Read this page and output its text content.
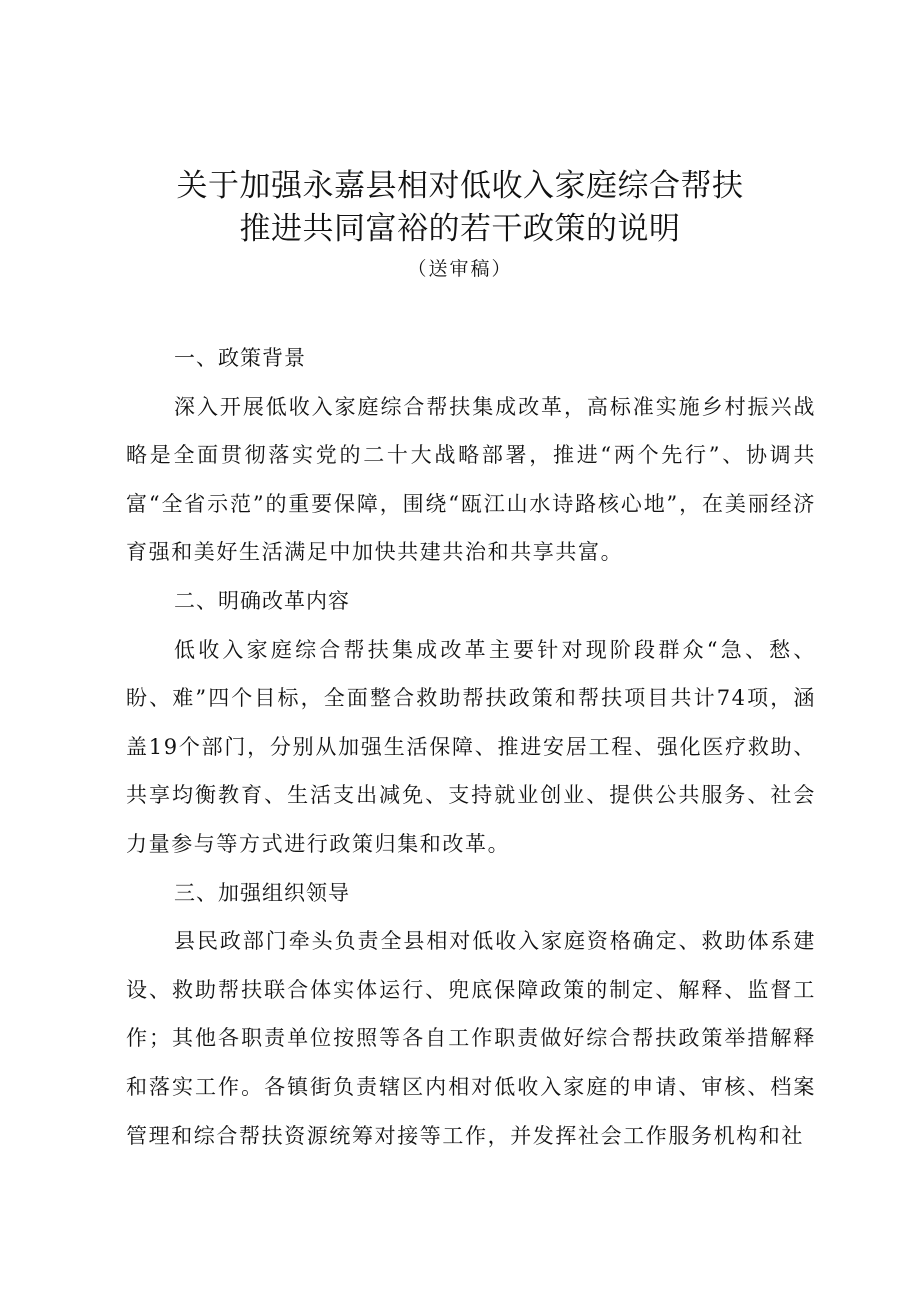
关于加强永嘉县相对低收入家庭综合帮扶
推进共同富裕的若干政策的说明
（送审稿）

一、政策背景

深入开展低收入家庭综合帮扶集成改革，高标准实施乡村振兴战略是全面贯彻落实党的二十大战略部署，推进“两个先行”、协调共富“全省示范”的重要保障，围绕“瓯江山水诗路核心地”，在美丽经济育强和美好生活满足中加快共建共治和共享共富。

二、明确改革内容

低收入家庭综合帮扶集成改革主要针对现阶段群众“急、愁、盼、难”四个目标，全面整合救助帮扶政策和帮扶项目共计74项，涵盖19个部门，分别从加强生活保障、推进安居工程、强化医疗救助、共享均衡教育、生活支出减免、支持就业创业、提供公共服务、社会力量参与等方式进行政策归集和改革。

三、加强组织领导

县民政部门牵头负责全县相对低收入家庭资格确定、救助体系建设、救助帮扶联合体实体运行、兜底保障政策的制定、解释、监督工作；其他各职责单位按照等各自工作职责做好综合帮扶政策举措解释和落实工作。各镇街负责辖区内相对低收入家庭的申请、审核、档案管理和综合帮扶资源统筹对接等工作，并发挥社会工作服务机构和社
